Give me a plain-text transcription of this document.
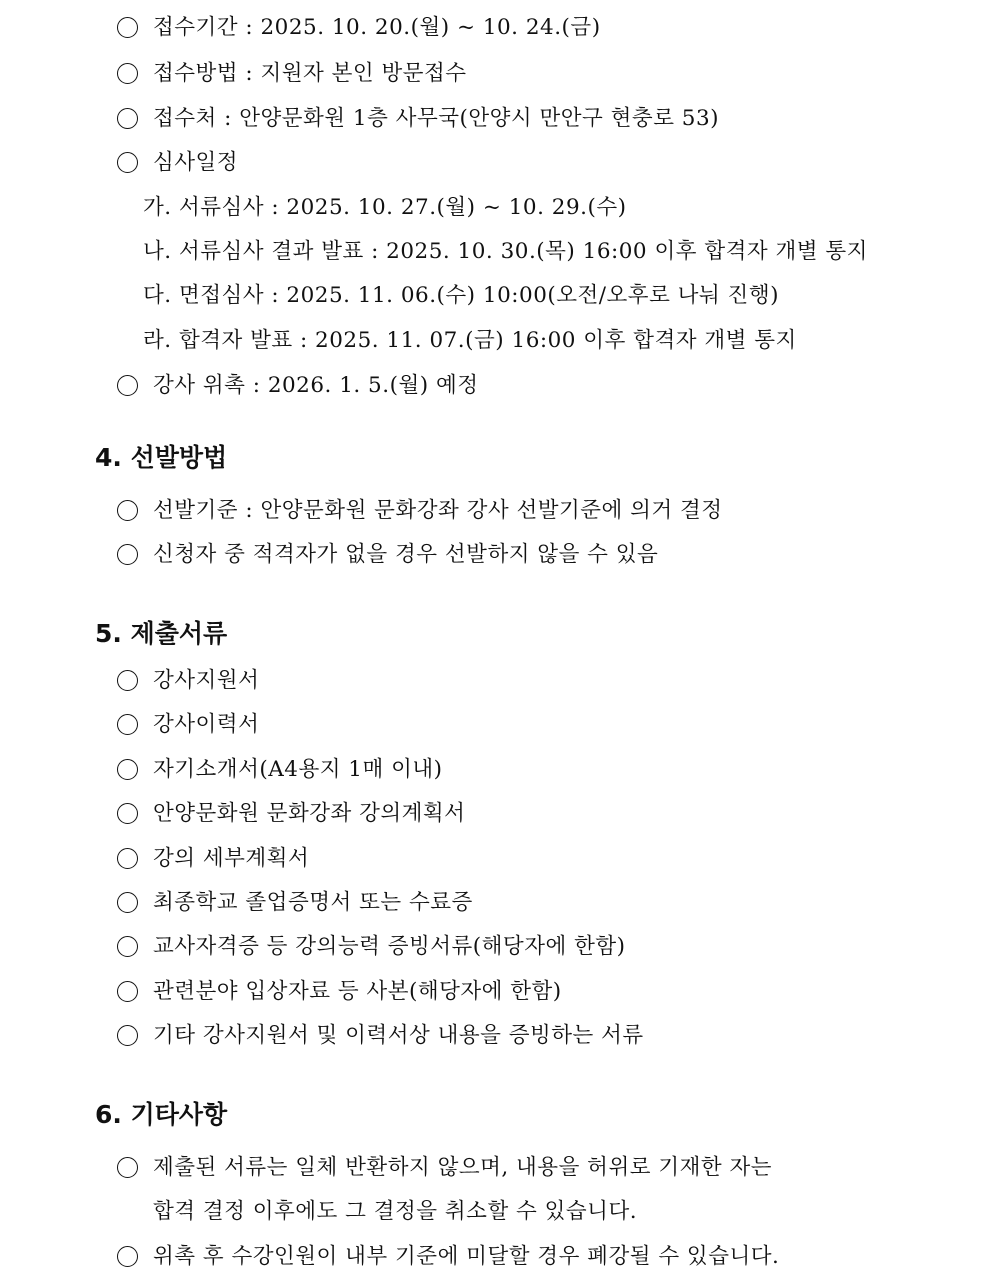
접수기간 : 2025. 10. 20.(월) ~ 10. 24.(금)
접수방법 : 지원자 본인 방문접수
접수처 : 안양문화원 1층 사무국(안양시 만안구 현충로 53)
심사일정
가. 서류심사 : 2025. 10. 27.(월) ~ 10. 29.(수)
나. 서류심사 결과 발표 : 2025. 10. 30.(목) 16:00 이후 합격자 개별 통지
다. 면접심사 : 2025. 11. 06.(수) 10:00(오전/오후로 나눠 진행)
라. 합격자 발표 : 2025. 11. 07.(금) 16:00 이후 합격자 개별 통지
강사 위촉 : 2026. 1. 5.(월) 예정
4. 선발방법
선발기준 : 안양문화원 문화강좌 강사 선발기준에 의거 결정
신청자 중 적격자가 없을 경우 선발하지 않을 수 있음
5. 제출서류
강사지원서
강사이력서
자기소개서(A4용지 1매 이내)
안양문화원 문화강좌 강의계획서
강의 세부계획서
최종학교 졸업증명서 또는 수료증
교사자격증 등 강의능력 증빙서류(해당자에 한함)
관련분야 입상자료 등 사본(해당자에 한함)
기타 강사지원서 및 이력서상 내용을 증빙하는 서류
6. 기타사항
제출된 서류는 일체 반환하지 않으며, 내용을 허위로 기재한 자는
합격 결정 이후에도 그 결정을 취소할 수 있습니다.
위촉 후 수강인원이 내부 기준에 미달할 경우 폐강될 수 있습니다.
